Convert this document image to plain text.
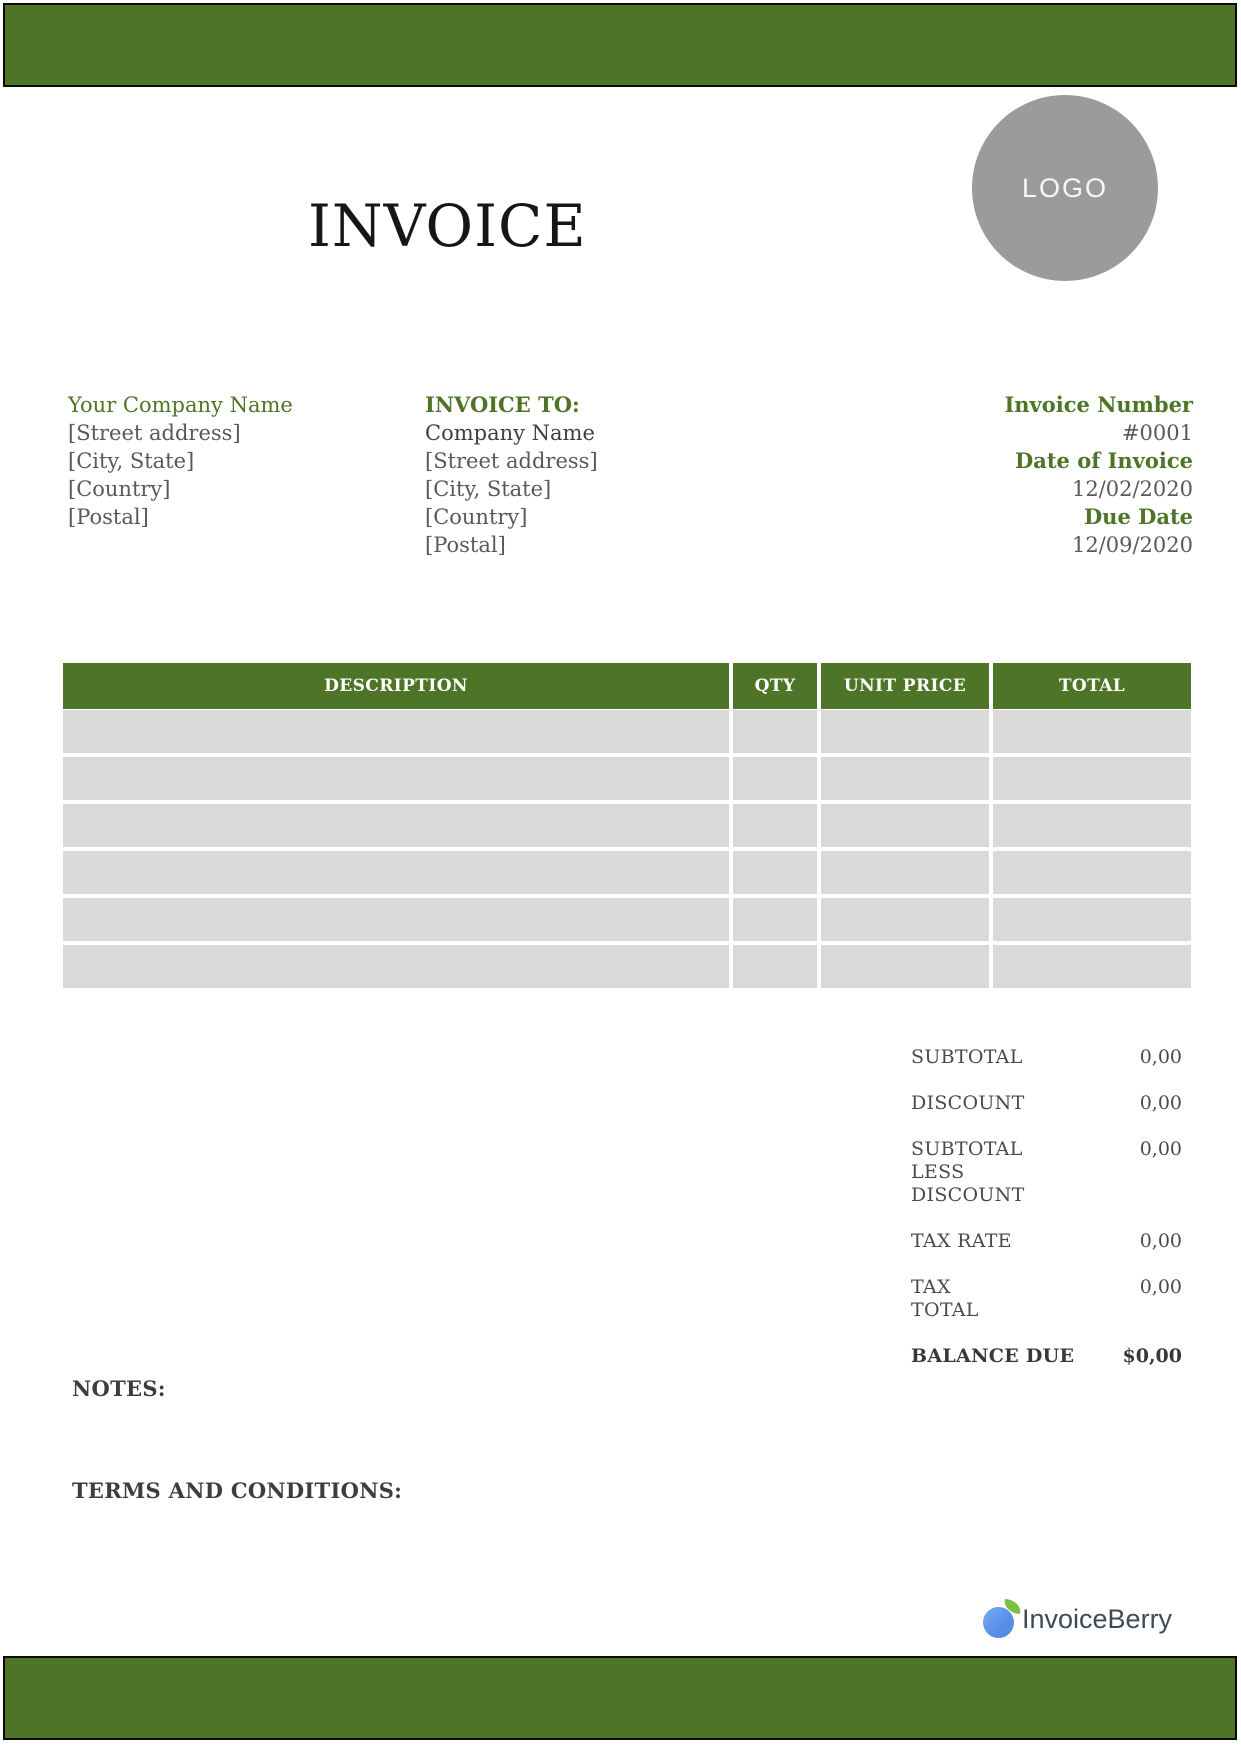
INVOICE
LOGO
Your Company Name
[Street address]
[City, State]
[Country]
[Postal]
INVOICE TO:
Company Name
[Street address]
[City, State]
[Country]
[Postal]
Invoice Number
#0001
Date of Invoice
12/02/2020
Due Date
12/09/2020
DESCRIPTION	QTY	UNIT PRICE	TOTAL
SUBTOTAL	0,00
DISCOUNT	0,00
SUBTOTAL LESS DISCOUNT
0,00
TAX RATE	0,00
TAX TOTAL
0,00
BALANCE DUE	$0,00
NOTES:
TERMS AND CONDITIONS:
InvoiceBerry
